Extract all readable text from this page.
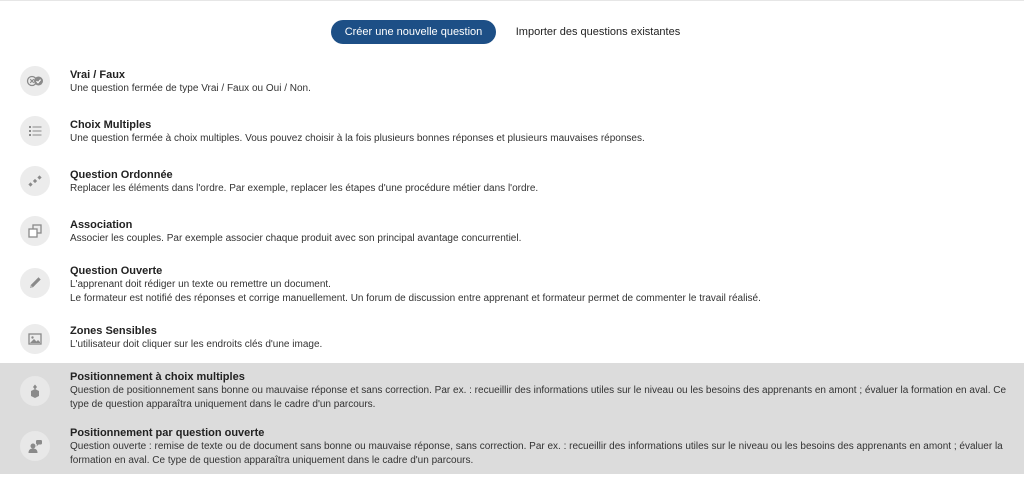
Créer une nouvelle question	Importer des questions existantes
Vrai / Faux
Une question fermée de type Vrai / Faux ou Oui / Non.
Choix Multiples
Une question fermée à choix multiples. Vous pouvez choisir à la fois plusieurs bonnes réponses et plusieurs mauvaises réponses.
Question Ordonnée
Replacer les éléments dans l'ordre. Par exemple, replacer les étapes d'une procédure métier dans l'ordre.
Association
Associer les couples. Par exemple associer chaque produit avec son principal avantage concurrentiel.
Question Ouverte
L'apprenant doit rédiger un texte ou remettre un document.
Le formateur est notifié des réponses et corrige manuellement. Un forum de discussion entre apprenant et formateur permet de commenter le travail réalisé.
Zones Sensibles
L'utilisateur doit cliquer sur les endroits clés d'une image.
Positionnement à choix multiples
Question de positionnement sans bonne ou mauvaise réponse et sans correction. Par ex. : recueillir des informations utiles sur le niveau ou les besoins des apprenants en amont ; évaluer la formation en aval. Ce
type de question apparaîtra uniquement dans le cadre d'un parcours.
Positionnement par question ouverte
Question ouverte : remise de texte ou de document sans bonne ou mauvaise réponse, sans correction. Par ex. : recueillir des informations utiles sur le niveau ou les besoins des apprenants en amont ; évaluer la
formation en aval. Ce type de question apparaîtra uniquement dans le cadre d'un parcours.
